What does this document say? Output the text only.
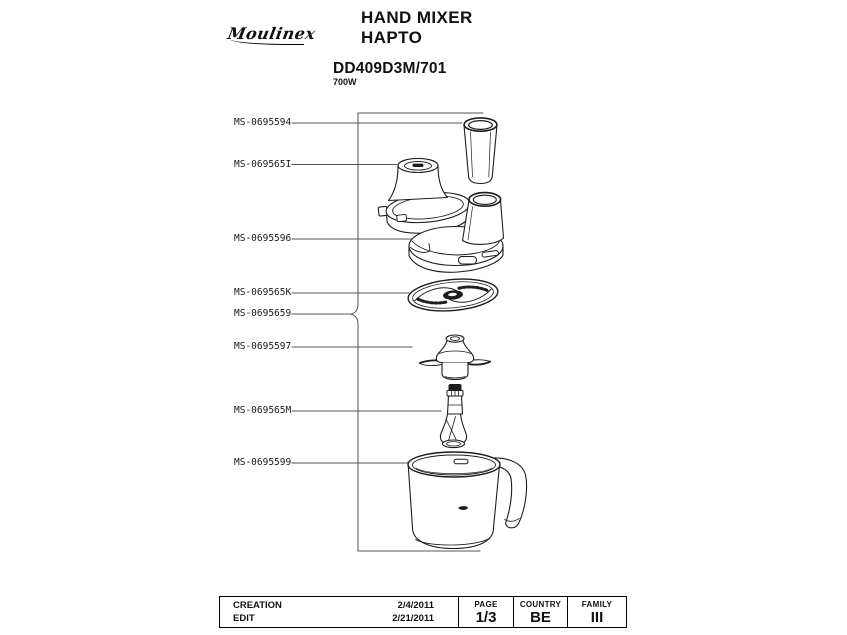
Moulinex
HAND MIXER
HAPTO
DD409D3M/701
700W
MS-0695594
MS-069565I
MS-0695596
MS-069565K
MS-0695659
MS-0695597
MS-069565M
MS-0695599
CREATION	2/4/2011
EDIT	2/21/2011
PAGE
1/3
COUNTRY
BE
FAMILY
III
